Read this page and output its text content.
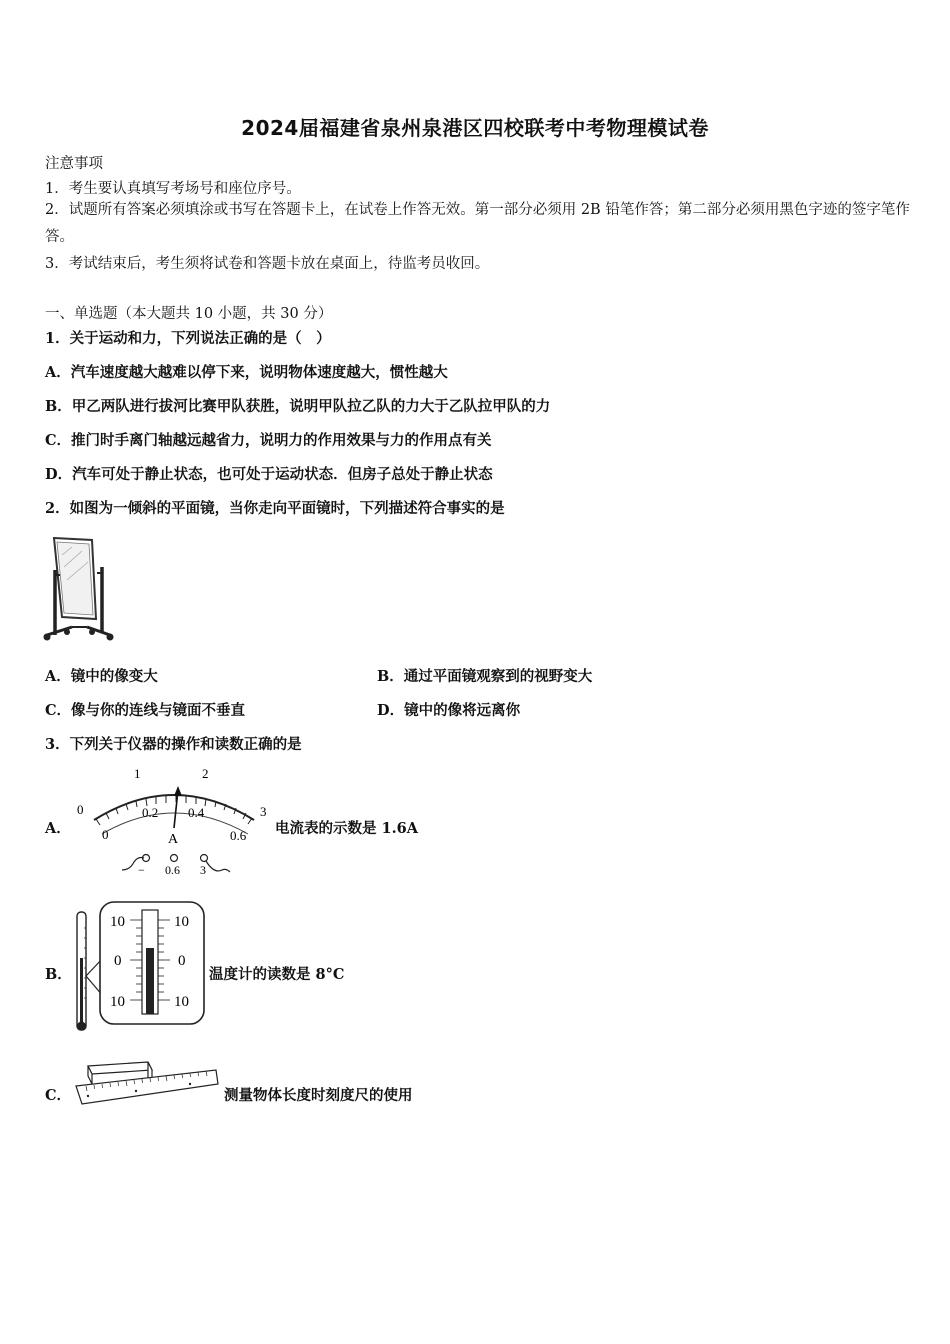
2024届福建省泉州泉港区四校联考中考物理模试卷
注意事项
1．考生要认真填写考场号和座位序号。
2．试题所有答案必须填涂或书写在答题卡上，在试卷上作答无效。第一部分必须用 2B 铅笔作答；第二部分必须用黑色字迹的签字笔作答。
3．考试结束后，考生须将试卷和答题卡放在桌面上，待监考员收回。
一、单选题（本大题共 10 小题，共 30 分）
1．关于运动和力，下列说法正确的是（　）
A．汽车速度越大越难以停下来，说明物体速度越大，惯性越大
B．甲乙两队进行拔河比赛甲队获胜，说明甲队拉乙队的力大于乙队拉甲队的力
C．推门时手离门轴越远越省力，说明力的作用效果与力的作用点有关
D．汽车可处于静止状态，也可处于运动状态．但房子总处于静止状态
2．如图为一倾斜的平面镜，当你走向平面镜时，下列描述符合事实的是
A．镜中的像变大	B．通过平面镜观察到的视野变大
C．像与你的连线与镜面不垂直	D．镜中的像将远离你
3．下列关于仪器的操作和读数正确的是
A．
0
1	2
3
0
0.2 0.4
0.6
A
− 0.6 3
电流表的示数是 1.6A
B．
10	10
0	0
10	10
温度计的读数是 8°C
C．	测量物体长度时刻度尺的使用
